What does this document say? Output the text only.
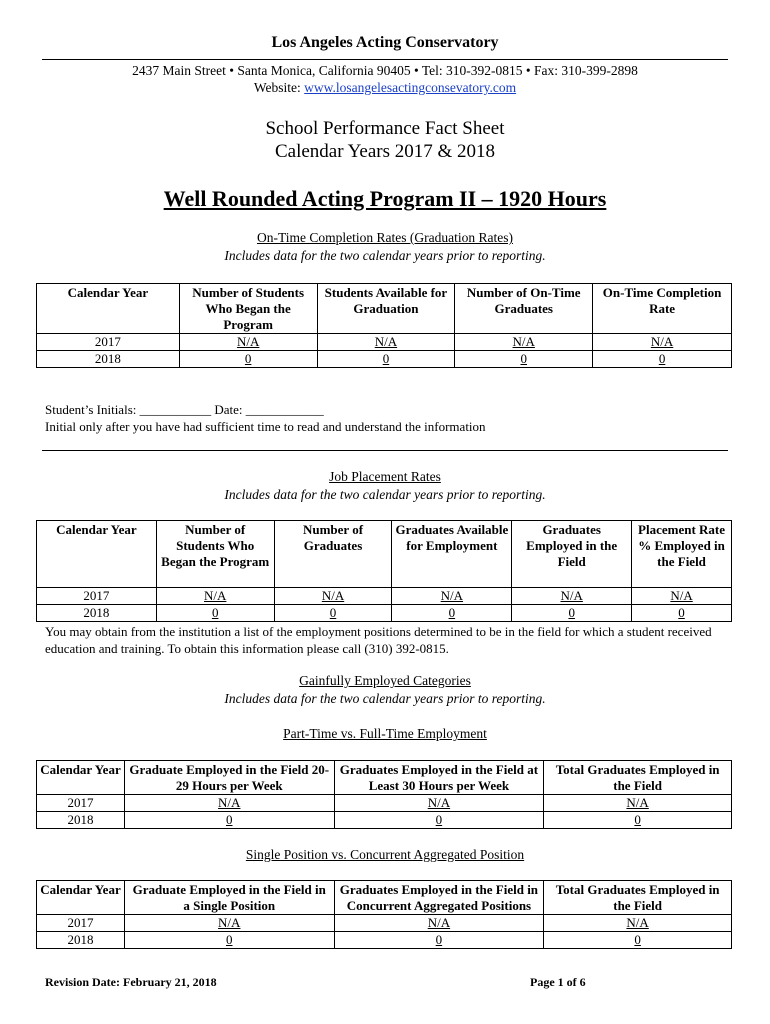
Los Angeles Acting Conservatory
2437 Main Street • Santa Monica, California 90405 • Tel: 310-392-0815 • Fax: 310-399-2898
Website: www.losangelesactingconsevatory.com
School Performance Fact Sheet
Calendar Years 2017 & 2018
Well Rounded Acting Program II – 1920 Hours
On-Time Completion Rates (Graduation Rates)
Includes data for the two calendar years prior to reporting.
Calendar Year	Number of Students Who Began the Program	Students Available for Graduation	Number of On-Time Graduates	On-Time Completion Rate
2017	N/A	N/A	N/A	N/A
2018	0	0	0	0
Student’s Initials: ___________ Date: ____________
Initial only after you have had sufficient time to read and understand the information
Job Placement Rates
Includes data for the two calendar years prior to reporting.
Calendar Year	Number of Students Who Began the Program	Number of Graduates	Graduates Available for Employment	Graduates Employed in the Field	Placement Rate % Employed in the Field
2017	N/A	N/A	N/A	N/A	N/A
2018	0	0	0	0	0
You may obtain from the institution a list of the employment positions determined to be in the field for which a student received education and training. To obtain this information please call (310) 392-0815.
Gainfully Employed Categories
Includes data for the two calendar years prior to reporting.
Part-Time vs. Full-Time Employment
Calendar Year	Graduate Employed in the Field 20-29 Hours per Week	Graduates Employed in the Field at Least 30 Hours per Week	Total Graduates Employed in the Field
2017	N/A	N/A	N/A
2018	0	0	0
Single Position vs. Concurrent Aggregated Position
Calendar Year	Graduate Employed in the Field in a Single Position	Graduates Employed in the Field in Concurrent Aggregated Positions	Total Graduates Employed in the Field
2017	N/A	N/A	N/A
2018	0	0	0
Revision Date: February 21, 2018	Page 1 of 6
